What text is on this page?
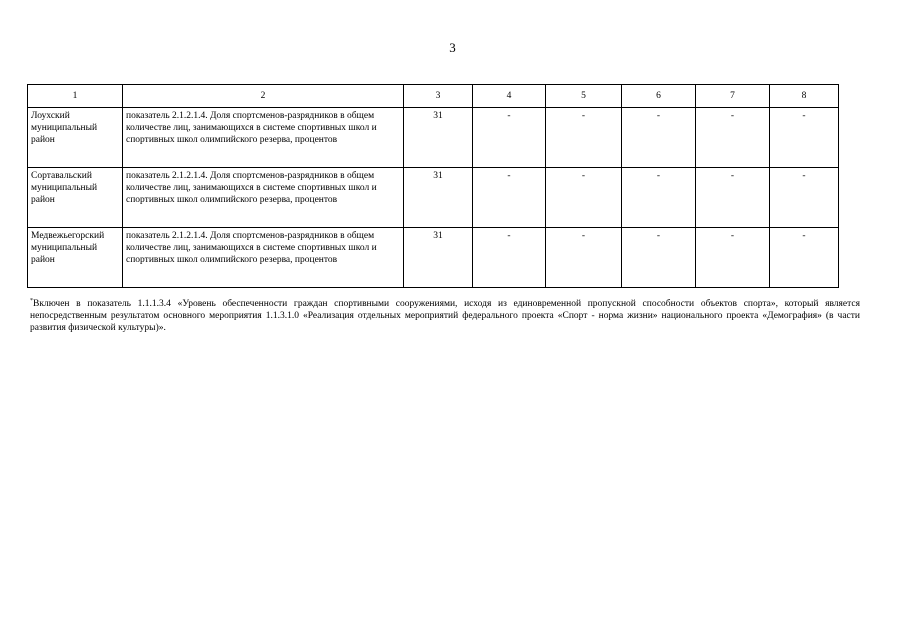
3
1	2	3	4	5	6	7	8
Лоухский муниципальный район	показатель 2.1.2.1.4. Доля спортсменов-разрядников в общем количестве лиц, занимающихся в системе спортивных школ и спортивных школ олимпийского резерва, процентов	31	-	-	-	-	-
Сортавальский муниципальный район	показатель 2.1.2.1.4. Доля спортсменов-разрядников в общем количестве лиц, занимающихся в системе спортивных школ и спортивных школ олимпийского резерва, процентов	31	-	-	-	-	-
Медвежьегорский муниципальный район	показатель 2.1.2.1.4. Доля спортсменов-разрядников в общем количестве лиц, занимающихся в системе спортивных школ и спортивных школ олимпийского резерва, процентов	31	-	-	-	-	-
*Включен в показатель 1.1.1.3.4 «Уровень обеспеченности граждан спортивными сооружениями, исходя из единовременной пропускной способности объектов спорта», который является непосредственным результатом основного мероприятия 1.1.3.1.0 «Реализация отдельных мероприятий федерального проекта «Спорт - норма жизни» национального проекта «Демография» (в части развития физической культуры)».
